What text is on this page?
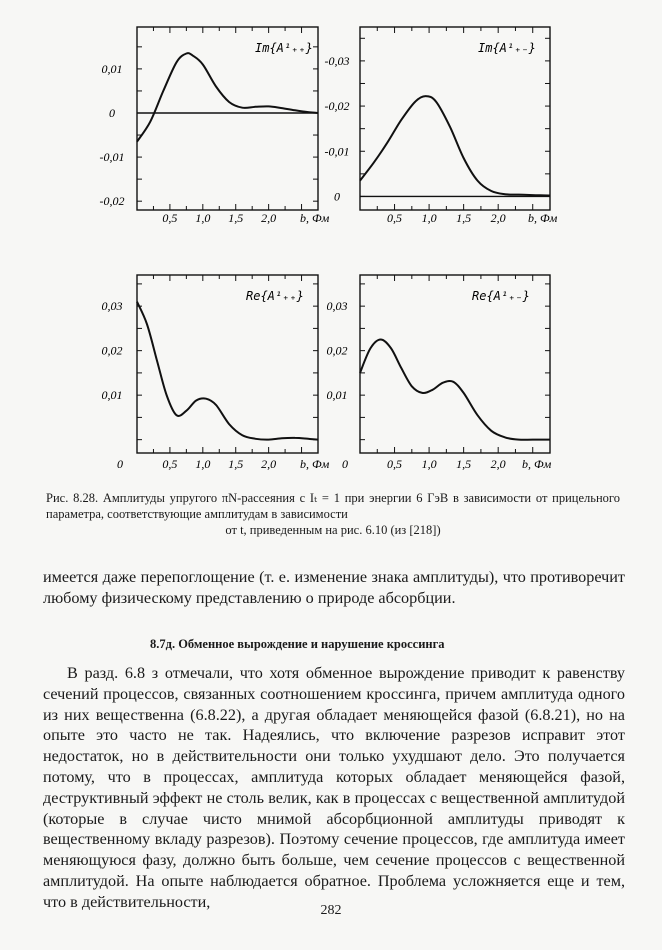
0,5 1,0 1,5 2,0 b, Фм
0,01
0
-0,01
-0,02
Im{A¹₊₊}
0,5 1,0 1,5 2,0 b, Фм
-0,03
-0,02
-0,01
0
Im{A¹₊₋}
0	0,5 1,0 1,5 2,0 b, Фм
0,03
0,02
0,01
Re{A¹₊₊}
0	0,5 1,0 1,5 2,0 b, Фм
0,03
0,02
0,01
Re{A¹₊₋}
Рис. 8.28. Амплитуды упругого πN-рассеяния с Iₜ = 1 при энергии 6 ГэВ в зависимости от прицельного параметра, соответствующие амплитудам в зависимости
от t, приведенным на рис. 6.10 (из [218])
имеется даже перепоглощение (т. е. изменение знака амплитуды), что противоречит любому физическому представлению о природе абсорбции.
8.7д. Обменное вырождение и нарушение кроссинга
В разд. 6.8 з отмечали, что хотя обменное вырождение приводит к равенству сечений процессов, связанных соотношением кроссинга, причем амплитуда одного из них вещественна (6.8.22), а другая обладает меняющейся фазой (6.8.21), но на опыте это часто не так. Надеялись, что включение разрезов исправит этот недостаток, но в действительности они только ухудшают дело. Это получается потому, что в процессах, амплитуда которых обладает меняющейся фазой, деструктивный эффект не столь велик, как в процессах с вещественной амплитудой (которые в случае чисто мнимой абсорбционной амплитуды приводят к вещественному вкладу разрезов). Поэтому сечение процессов, где амплитуда имеет меняющуюся фазу, должно быть больше, чем сечение процессов с вещественной амплитудой. На опыте наблюдается обратное. Проблема усложняется еще и тем, что в действительности,	282
